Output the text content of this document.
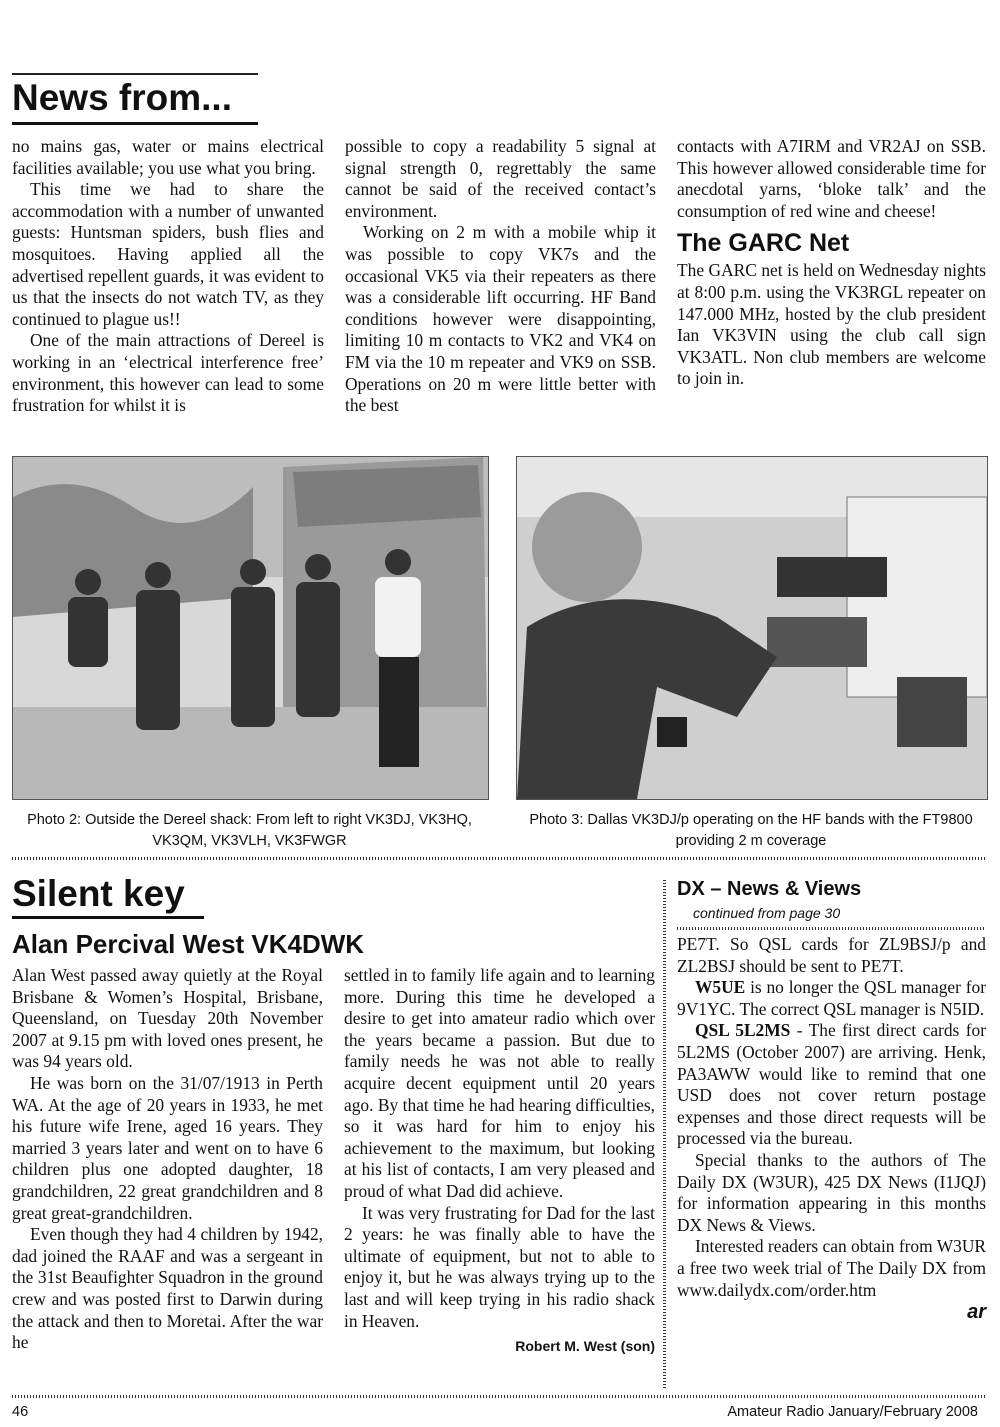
News from...

no mains gas, water or mains electrical facilities available; you use what you bring.

This time we had to share the accommodation with a number of unwanted guests: Huntsman spiders, bush flies and mosquitoes. Having applied all the advertised repellent guards, it was evident to us that the insects do not watch TV, as they continued to plague us!!

One of the main attractions of Dereel is working in an ‘electrical interference free’ environment, this however can lead to some frustration for whilst it is

possible to copy a readability 5 signal at signal strength 0, regrettably the same cannot be said of the received contact’s environment.

Working on 2 m with a mobile whip it was possible to copy VK7s and the occasional VK5 via their repeaters as there was a considerable lift occurring. HF Band conditions however were disappointing, limiting 10 m contacts to VK2 and VK4 on FM via the 10 m repeater and VK9 on SSB. Operations on 20 m were little better with the best

contacts with A7IRM and VR2AJ on SSB. This however allowed considerable time for anecdotal yarns, ‘bloke talk’ and the consumption of red wine and cheese!

The GARC Net

The GARC net is held on Wednesday nights at 8:00 p.m. using the VK3RGL repeater on 147.000 MHz, hosted by the club president Ian VK3VIN using the club call sign VK3ATL. Non club members are welcome to join in.

Photo 2: Outside the Dereel shack: From left to right VK3DJ, VK3HQ, VK3QM, VK3VLH, VK3FWGR
Photo 3: Dallas VK3DJ/p operating on the HF bands with the FT9800 providing 2 m coverage
Silent key
Alan Percival West VK4DWK

Alan West passed away quietly at the Royal Brisbane & Women’s Hospital, Brisbane, Queensland, on Tuesday 20th November 2007 at 9.15 pm with loved ones present, he was 94 years old.

He was born on the 31/07/1913 in Perth WA. At the age of 20 years in 1933, he met his future wife Irene, aged 16 years. They married 3 years later and went on to have 6 children plus one adopted daughter, 18 grandchildren, 22 great grandchildren and 8 great great-grandchildren.

Even though they had 4 children by 1942, dad joined the RAAF and was a sergeant in the 31st Beaufighter Squadron in the ground crew and was posted first to Darwin during the attack and then to Moretai. After the war he

settled in to family life again and to learning more. During this time he developed a desire to get into amateur radio which over the years became a passion. But due to family needs he was not able to really acquire decent equipment until 20 years ago. By that time he had hearing difficulties, so it was hard for him to enjoy his achievement to the maximum, but looking at his list of contacts, I am very pleased and proud of what Dad did achieve.

It was very frustrating for Dad for the last 2 years: he was finally able to have the ultimate of equipment, but not to able to enjoy it, but he was always trying up to the last and will keep trying in his radio shack in Heaven.

Robert M. West (son)
DX – News & Views
continued from page 30

PE7T. So QSL cards for ZL9BSJ/p and ZL2BSJ should be sent to PE7T.

W5UE is no longer the QSL manager for 9V1YC. The correct QSL manager is N5ID.

QSL 5L2MS - The first direct cards for 5L2MS (October 2007) are arriving. Henk, PA3AWW would like to remind that one USD does not cover return postage expenses and those direct requests will be processed via the bureau.

Special thanks to the authors of The Daily DX (W3UR), 425 DX News (I1JQJ) for information appearing in this months DX News & Views.

Interested readers can obtain from W3UR a free two week trial of The Daily DX from www.dailydx.com/order.htm

ar
46	Amateur Radio January/February 2008
